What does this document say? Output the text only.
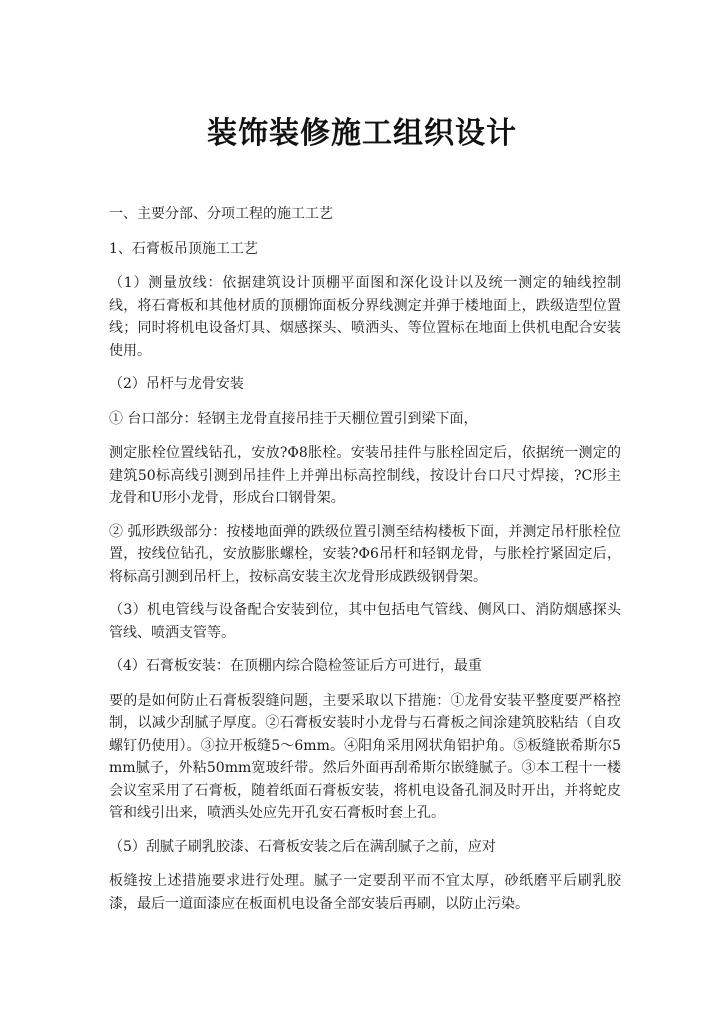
装饰装修施工组织设计

一、主要分部、分项工程的施工工艺

1、石膏板吊顶施工工艺

（1）测量放线：依据建筑设计顶棚平面图和深化设计以及统一测定的轴线控制线，将石膏板和其他材质的顶棚饰面板分界线测定并弹于楼地面上，跌级造型位置线；同时将机电设备灯具、烟感探头、喷洒头、等位置标在地面上供机电配合安装使用。

（2）吊杆与龙骨安装

① 台口部分：轻钢主龙骨直接吊挂于天棚位置引到梁下面，

测定胀栓位置线钻孔，安放?Φ8胀栓。安装吊挂件与胀栓固定后，依据统一测定的建筑50标高线引测到吊挂件上并弹出标高控制线，按设计台口尺寸焊接，?C形主龙骨和U形小龙骨，形成台口钢骨架。

② 弧形跌级部分：按楼地面弹的跌级位置引测至结构楼板下面，并测定吊杆胀栓位置，按线位钻孔，安放膨胀螺栓，安装?Φ6吊杆和轻钢龙骨，与胀栓拧紧固定后，将标高引测到吊杆上，按标高安装主次龙骨形成跌级钢骨架。

（3）机电管线与设备配合安装到位，其中包括电气管线、侧风口、消防烟感探头管线、喷洒支管等。

（4）石膏板安装：在顶棚内综合隐检签证后方可进行，最重

要的是如何防止石膏板裂缝问题，主要采取以下措施：①龙骨安装平整度要严格控制，以减少刮腻子厚度。②石膏板安装时小龙骨与石膏板之间涂建筑胶粘结（自攻螺钉仍使用）。③拉开板缝5～6mm。④阳角采用网状角铝护角。⑤板缝嵌希斯尔5mm腻子，外粘50mm宽玻纤带。然后外面再刮希斯尔嵌缝腻子。③本工程十一楼会议室采用了石膏板，随着纸面石膏板安装，将机电设备孔洞及时开出，并将蛇皮管和线引出来，喷洒头处应先开孔安石膏板时套上孔。

（5）刮腻子刷乳胶漆、石膏板安装之后在满刮腻子之前，应对

板缝按上述措施要求进行处理。腻子一定要刮平而不宜太厚，砂纸磨平后刷乳胶漆，最后一道面漆应在板面机电设备全部安装后再刷，以防止污染。
